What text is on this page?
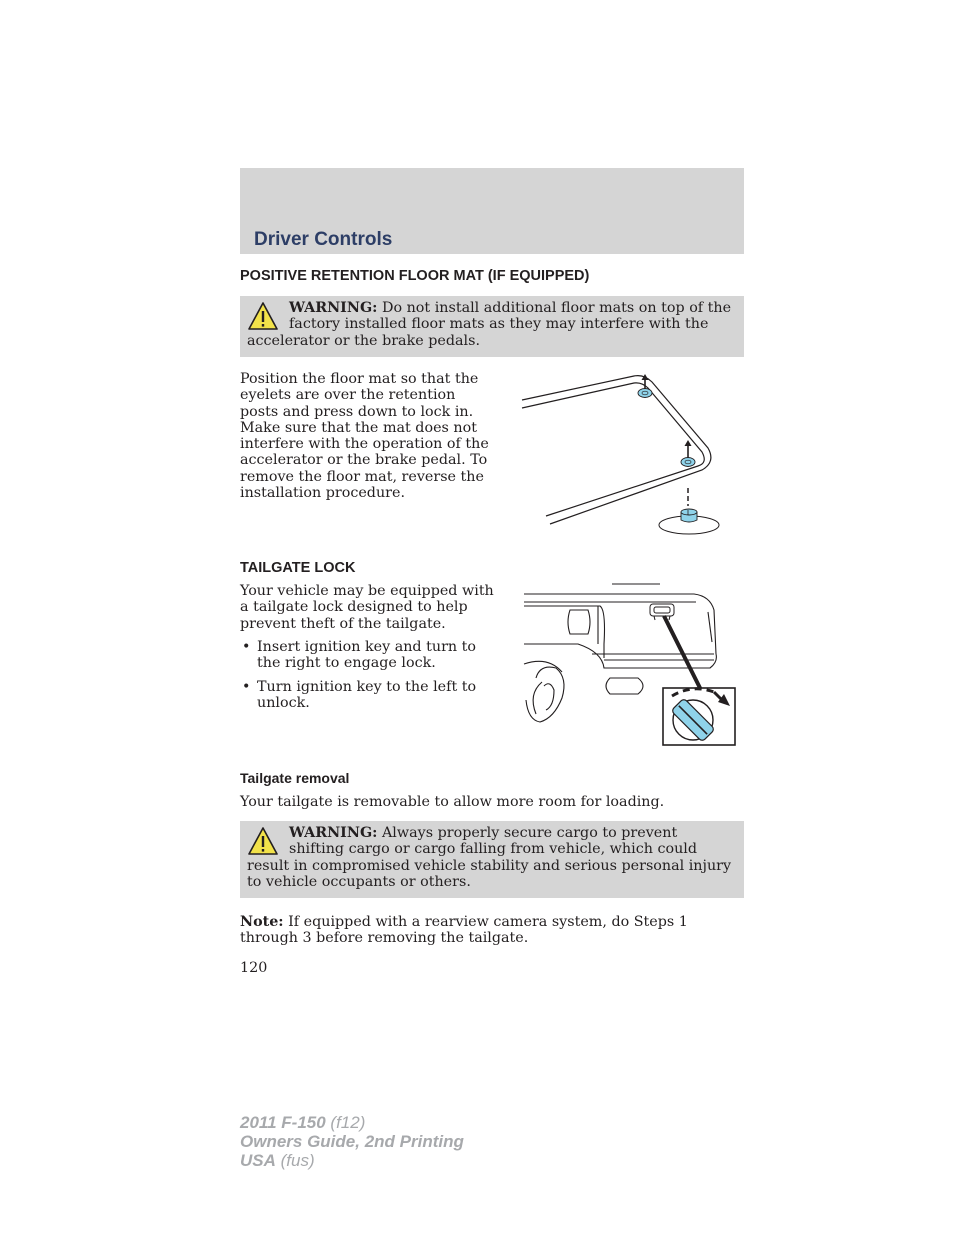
Driver Controls
POSITIVE RETENTION FLOOR MAT (IF EQUIPPED)
WARNING: Do not install additional floor mats on top of the factory installed floor mats as they may interfere with the accelerator or the brake pedals.
Position the floor mat so that the eyelets are over the retention posts and press down to lock in. Make sure that the mat does not interfere with the operation of the accelerator or the brake pedal. To remove the floor mat, reverse the installation procedure.
TAILGATE LOCK
Your vehicle may be equipped with a tailgate lock designed to help prevent theft of the tailgate.
• Insert ignition key and turn to the right to engage lock.
• Turn ignition key to the left to unlock.
Tailgate removal
Your tailgate is removable to allow more room for loading.
WARNING: Always properly secure cargo to prevent shifting cargo or cargo falling from vehicle, which could result in compromised vehicle stability and serious personal injury to vehicle occupants or others.
Note: If equipped with a rearview camera system, do Steps 1 through 3 before removing the tailgate.
120
2011 F-150 (f12)
Owners Guide, 2nd Printing
USA (fus)
